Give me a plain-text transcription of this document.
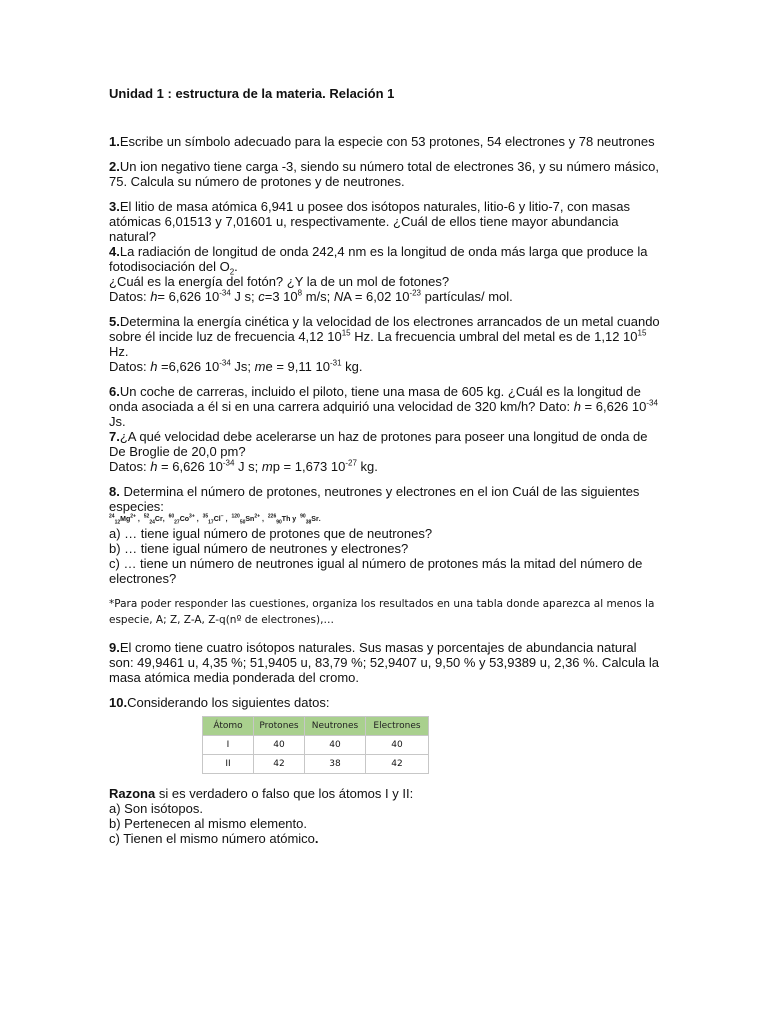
Unidad 1 : estructura de la materia. Relación 1

1.Escribe un símbolo adecuado para la especie con 53 protones, 54 electrones y 78 neutrones

2.Un ion negativo tiene carga -3, siendo su número total de electrones 36, y su número másico, 75. Calcula su número de protones y de neutrones.

3.El litio de masa atómica 6,941 u posee dos isótopos naturales, litio-6 y litio-7, con masas atómicas 6,01513 y 7,01601 u, respectivamente. ¿Cuál de ellos tiene mayor abundancia natural?

4.La radiación de longitud de onda 242,4 nm es la longitud de onda más larga que produce la fotodisociación del $O_2$.

¿Cuál es la energía del fotón? ¿Y la de un mol de fotones?

Datos: h= 6,626 $10^{-34}$ J s; c=3 $10^8$ m/s; NA = 6,02 $10^{-23}$ partículas/ mol.

5.Determina la energía cinética y la velocidad de los electrones arrancados de un metal cuando sobre él incide luz de frecuencia 4,12 $10^{15}$ Hz. La frecuencia umbral del metal es de 1,12 $10^{15}$ Hz.

Datos: h =6,626 $10^{-34}$ Js; me = 9,11 $10^{-31}$ kg.

6.Un coche de carreras, incluido el piloto, tiene una masa de 605 kg. ¿Cuál es la longitud de onda asociada a él si en una carrera adquirió una velocidad de 320 km/h? Dato: h = 6,626 $10^{-34}$ Js.

7.¿A qué velocidad debe acelerarse un haz de protones para poseer una longitud de onda de De Broglie de 20,0 pm?

Datos: h = 6,626 $10^{-34}$ J s; mp = 1,673 $10^{-27}$ kg.

8. Determina el número de protones, neutrones y electrones en el ion Cuál de las siguientes especies:

$^{24}_{12}Mg^{2+}$ , $^{52}_{24}$Cr, $^{60}_{27}Co^{3+}$ , $^{35}_{17}$Cl− , $^{120}_{50}Sn^{2+}$ , $^{226}_{90}$Th y $^{90}_{38}$Sr.

a) … tiene igual número de protones que de neutrones?

b) … tiene igual número de neutrones y electrones?

c) … tiene un número de neutrones igual al número de protones más la mitad del número de electrones?

*Para poder responder las cuestiones, organiza los resultados en una tabla donde aparezca al menos la especie, A; Z, Z-A, Z-q(nº de electrones),…

9.El cromo tiene cuatro isótopos naturales. Sus masas y porcentajes de abundancia natural son: 49,9461 u, 4,35 %; 51,9405 u, 83,79 %; 52,9407 u, 9,50 % y 53,9389 u, 2,36 %. Calcula la masa atómica media ponderada del cromo.

10.Considerando los siguientes datos:

Átomo	Protones	Neutrones	Electrones
I	40	40	40
II	42	38	42

Razona si es verdadero o falso que los átomos I y II:

a) Son isótopos.

b) Pertenecen al mismo elemento.

c) Tienen el mismo número atómico.
